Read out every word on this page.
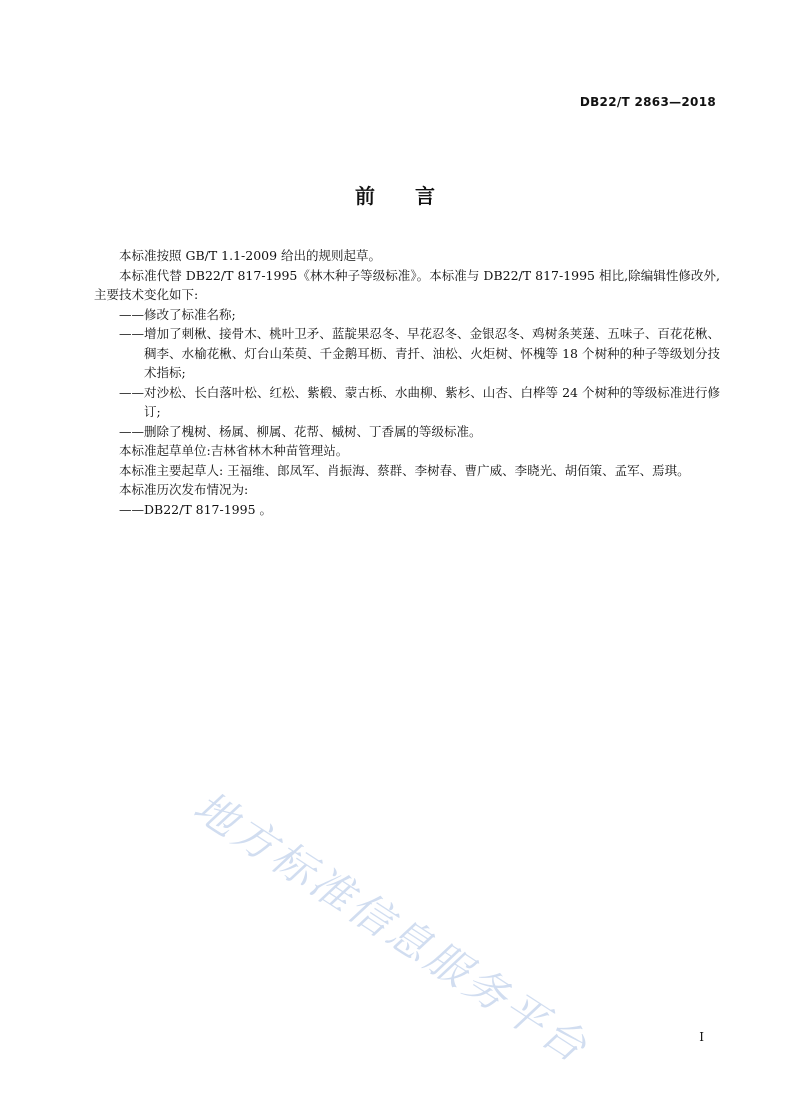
DB22/T 2863—2018
前 言

本标准按照 GB/T 1.1-2009 给出的规则起草。

本标准代替 DB22/T 817-1995《林木种子等级标准》。本标准与 DB22/T 817-1995 相比,除编辑性修改外,主要技术变化如下:

——修改了标准名称;

——增加了刺楸、接骨木、桃叶卫矛、蓝靛果忍冬、早花忍冬、金银忍冬、鸡树条荚蒾、五味子、百花花楸、稠李、水榆花楸、灯台山茱萸、千金鹅耳枥、青扦、油松、火炬树、怀槐等 18 个树种的种子等级划分技术指标;

——对沙松、长白落叶松、红松、紫椴、蒙古栎、水曲柳、紫杉、山杏、白桦等 24 个树种的等级标准进行修订;

——删除了槐树、杨属、柳属、花帮、槭树、丁香属的等级标准。

本标准起草单位:吉林省林木种苗管理站。

本标准主要起草人: 王福维、郎凤军、肖振海、蔡群、李树春、曹广威、李晓光、胡佰策、孟军、焉琪。

本标准历次发布情况为:

——DB22/T 817-1995 。

地方标准信息服务平台	I
